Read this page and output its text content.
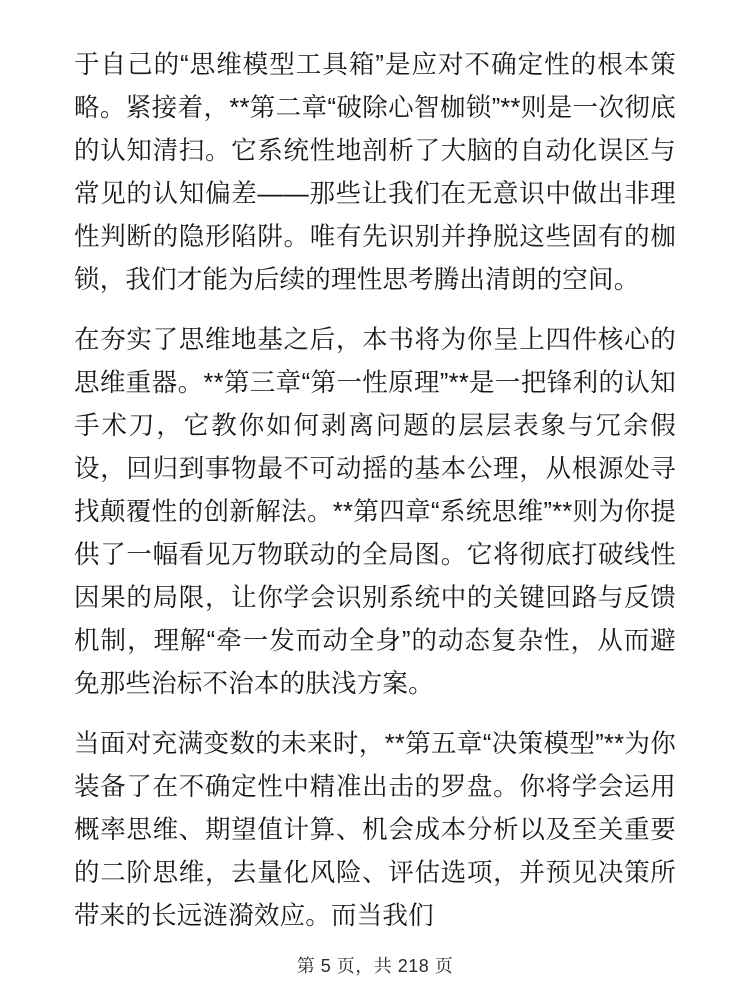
于自己的“思维模型工具箱”是应对不确定性的根本策略。紧接着，**第二章“破除心智枷锁”**则是一次彻底的认知清扫。它系统性地剖析了大脑的自动化误区与常见的认知偏差——那些让我们在无意识中做出非理性判断的隐形陷阱。唯有先识别并挣脱这些固有的枷锁，我们才能为后续的理性思考腾出清朗的空间。

在夯实了思维地基之后，本书将为你呈上四件核心的思维重器。**第三章“第一性原理”**是一把锋利的认知手术刀，它教你如何剥离问题的层层表象与冗余假设，回归到事物最不可动摇的基本公理，从根源处寻找颠覆性的创新解法。**第四章“系统思维”**则为你提供了一幅看见万物联动的全局图。它将彻底打破线性因果的局限，让你学会识别系统中的关键回路与反馈机制，理解“牵一发而动全身”的动态复杂性，从而避免那些治标不治本的肤浅方案。

当面对充满变数的未来时，**第五章“决策模型”**为你装备了在不确定性中精准出击的罗盘。你将学会运用概率思维、期望值计算、机会成本分析以及至关重要的二阶思维，去量化风险、评估选项，并预见决策所带来的长远涟漪效应。而当我们

第 5 页，共 218 页
